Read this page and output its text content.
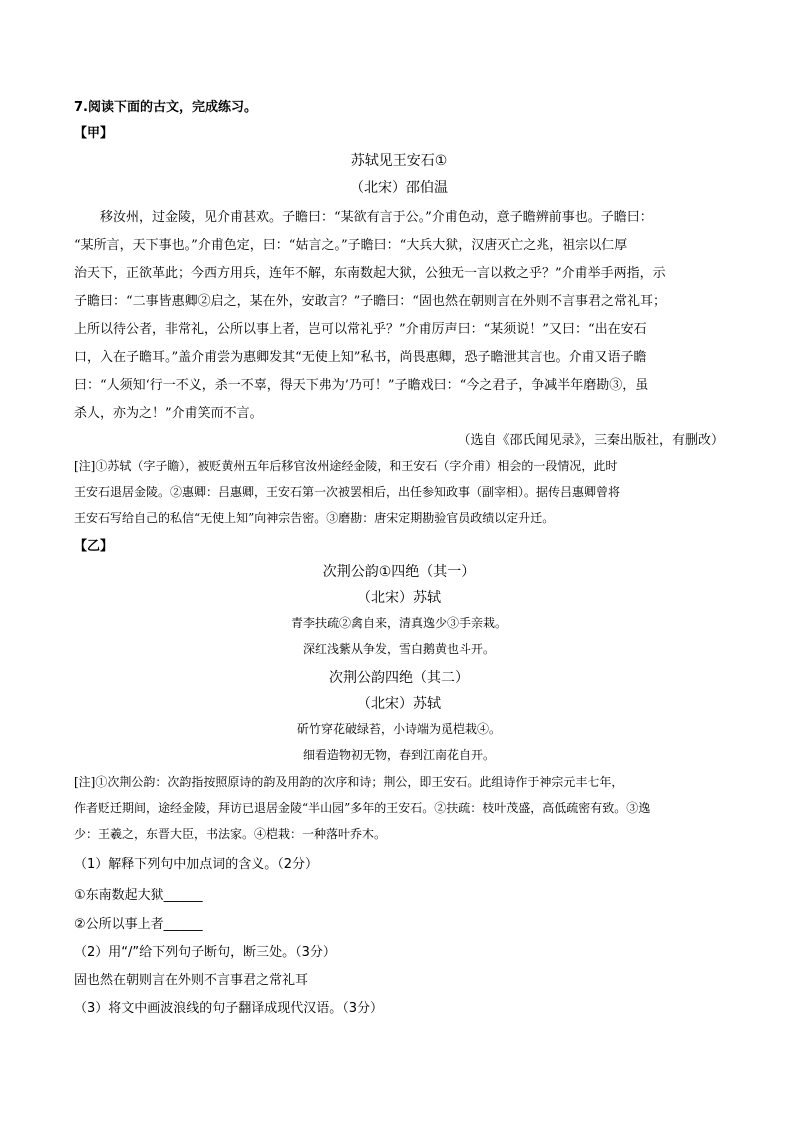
7.阅读下面的古文，完成练习。
【甲】
苏轼见王安石①
（北宋）邵伯温
移汝州，过金陵，见介甫甚欢。子瞻曰：“某欲有言于公。”介甫色动，意子瞻辨前事也。子瞻曰：
“某所言，天下事也。”介甫色定，曰：“姑言之。”子瞻曰：“大兵大狱，汉唐灭亡之兆，祖宗以仁厚
治天下，正欲革此；今西方用兵，连年不解，东南数起大狱，公独无一言以救之乎？”介甫举手两指，示
子瞻曰：“二事皆惠卿②启之，某在外，安敢言？”子瞻曰：“固也然在朝则言在外则不言事君之常礼耳；
上所以待公者，非常礼，公所以事上者，岂可以常礼乎？”介甫厉声曰：“某须说！”又曰：“出在安石
口，入在子瞻耳。”盖介甫尝为惠卿发其“无使上知”私书，尚畏惠卿，恐子瞻泄其言也。介甫又语子瞻
曰：“人须知‘行一不义，杀一不辜，得天下弗为’乃可！”子瞻戏曰：“今之君子，争减半年磨勘③，虽
杀人，亦为之！”介甫笑而不言。
（选自《邵氏闻见录》，三秦出版社，有删改）
[注]①苏轼（字子瞻），被贬黄州五年后移官汝州途经金陵，和王安石（字介甫）相会的一段情况，此时
王安石退居金陵。②惠卿：吕惠卿，王安石第一次被罢相后，出任参知政事（副宰相）。据传吕惠卿曾将
王安石写给自己的私信“无使上知”向神宗告密。③磨勘：唐宋定期勘验官员政绩以定升迁。
【乙】
次荆公韵①四绝（其一）
（北宋）苏轼
青李扶疏②禽自来，清真逸少③手亲栽。
深红浅紫从争发，雪白鹅黄也斗开。
次荆公韵四绝（其二）
（北宋）苏轼
斫竹穿花破绿苔，小诗端为觅桤栽④。
细看造物初无物，春到江南花自开。
[注]①次荆公韵：次韵指按照原诗的韵及用韵的次序和诗；荆公，即王安石。此组诗作于神宗元丰七年，
作者贬迁期间，途经金陵，拜访已退居金陵“半山园”多年的王安石。②扶疏：枝叶茂盛，高低疏密有致。③逸
少：王羲之，东晋大臣，书法家。④桤栽：一种落叶乔木。
（1）解释下列句中加点词的含义。（2分）
①东南数起大狱______
②公所以事上者______
（2）用“/”给下列句子断句，断三处。（3分）
固也然在朝则言在外则不言事君之常礼耳
（3）将文中画波浪线的句子翻译成现代汉语。（3分）
